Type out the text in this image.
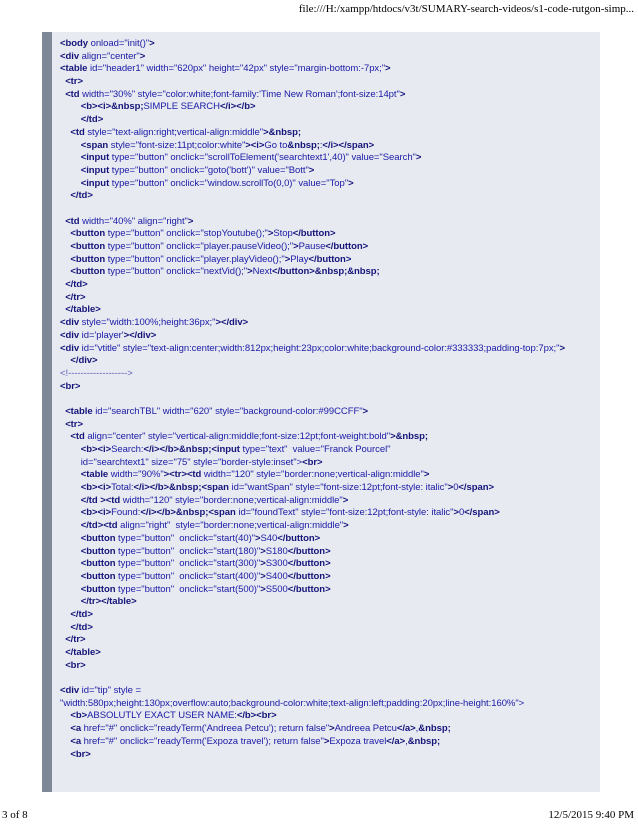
file:///H:/xampp/htdocs/v3t/SUMARY-search-videos/s1-code-rutgon-simp...
<body onload="init()">
<div align="center">
<table id="header1" width="620px" height="42px" style="margin-bottom:-7px;">
<tr>
<td width="30%" style="color:white;font-family:'Time New Roman';font-size:14pt">
<b><i>&nbsp;SIMPLE SEARCH</i></b>
</td>
<td style="text-align:right;vertical-align:middle">&nbsp;
<span style="font-size:11pt;color:white"><i>Go to&nbsp;:</i></span>
<input type="button" onclick="scrollToElement('searchtext1',40)" value="Search">
<input type="button" onclick="goto('bott')" value="Bott">
<input type="button" onclick="window.scrollTo(0,0)" value="Top">
</td>

<td width="40%" align="right">
<button type="button" onclick="stopYoutube();">Stop</button>
<button type="button" onclick="player.pauseVideo();">Pause</button>
<button type="button" onclick="player.playVideo();">Play</button>
<button type="button" onclick="nextVid();">Next</button>&nbsp;&nbsp;
</td>
</tr>
</table>
<div style="width:100%;height:36px;"></div>
<div id='player'></div>
<div id="vtitle" style="text-align:center;width:812px;height:23px;color:white;background-color:#333333;padding-top:7px;">
</div>
<!------------------->
<br>

<table id="searchTBL" width="620" style="background-color:#99CCFF">
<tr>
<td align="center" style="vertical-align:middle;font-size:12pt;font-weight:bold">&nbsp;
<b><i>Search:</i></b>&nbsp;<input type="text"  value="Franck Pourcel"
id="searchtext1" size="75" style="border-style:inset"><br>
<table width="90%"><tr><td width="120" style="border:none;vertical-align:middle">
<b><i>Total:</i></b>&nbsp;<span id="wantSpan" style="font-size:12pt;font-style: italic">0</span>
</td ><td width="120" style="border:none;vertical-align:middle">
<b><i>Found:</i></b>&nbsp;<span id="foundText" style="font-size:12pt;font-style: italic">0</span>
</td><td align="right"  style="border:none;vertical-align:middle">
<button type="button"  onclick="start(40)">S40</button>
<button type="button"  onclick="start(180)">S180</button>
<button type="button"  onclick="start(300)">S300</button>
<button type="button"  onclick="start(400)">S400</button>
<button type="button"  onclick="start(500)">S500</button>
</tr></table>
</td>
</td>
</tr>
</table>
<br>

<div id="tip" style =
"width:580px;height:130px;overflow:auto;background-color:white;text-align:left;padding:20px;line-height:160%">
<b>ABSOLUTLY EXACT USER NAME:</b><br>
<a href="#" onclick="readyTerm('Andreea Petcu'); return false">Andreea Petcu</a>,&nbsp;
<a href="#" onclick="readyTerm('Expoza travel'); return false">Expoza travel</a>,&nbsp;
<br>
3 of 8	12/5/2015 9:40 PM
